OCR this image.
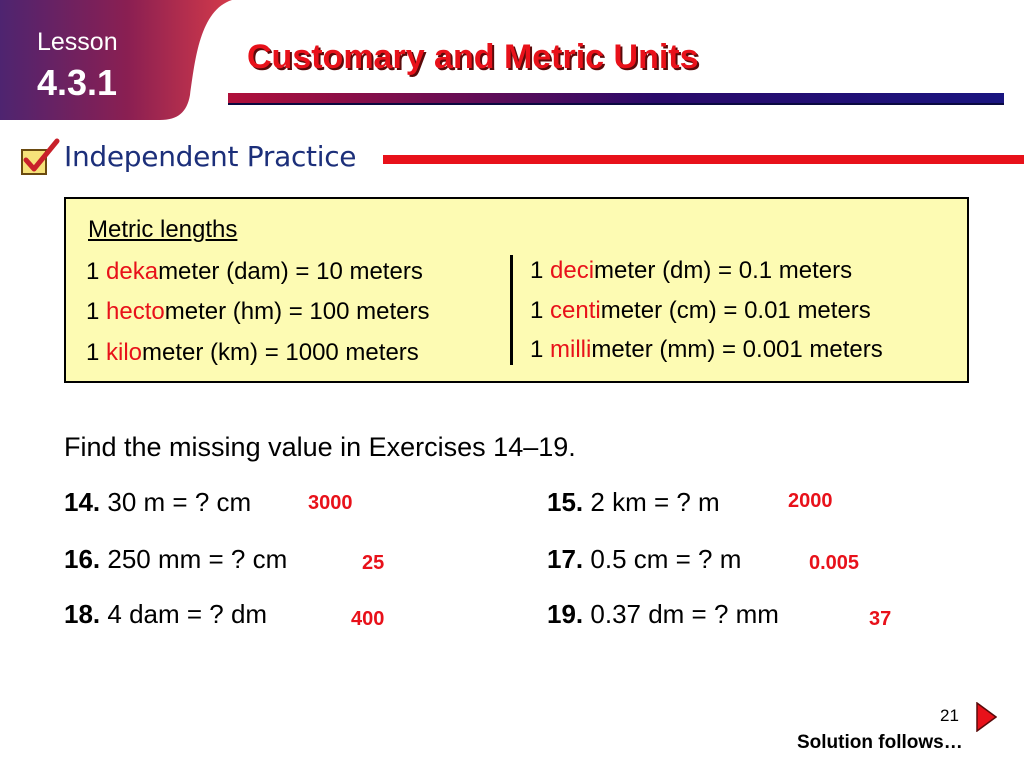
Lesson
4.3.1
Customary and Metric Units
Independent Practice
Metric lengths
1 dekameter (dam) = 10 meters
1 hectometer (hm) = 100 meters
1 kilometer (km) = 1000 meters
1 decimeter (dm) = 0.1 meters
1 centimeter (cm) = 0.01 meters
1 millimeter (mm) = 0.001 meters
Find the missing value in Exercises 14–19.
14. 30 m = ? cm	3000	15. 2 km = ? m	2000
16. 250 mm = ? cm	25	17. 0.5 cm = ? m	0.005
18. 4 dam = ? dm	400	19. 0.37 dm = ? mm	37
21
Solution follows…
